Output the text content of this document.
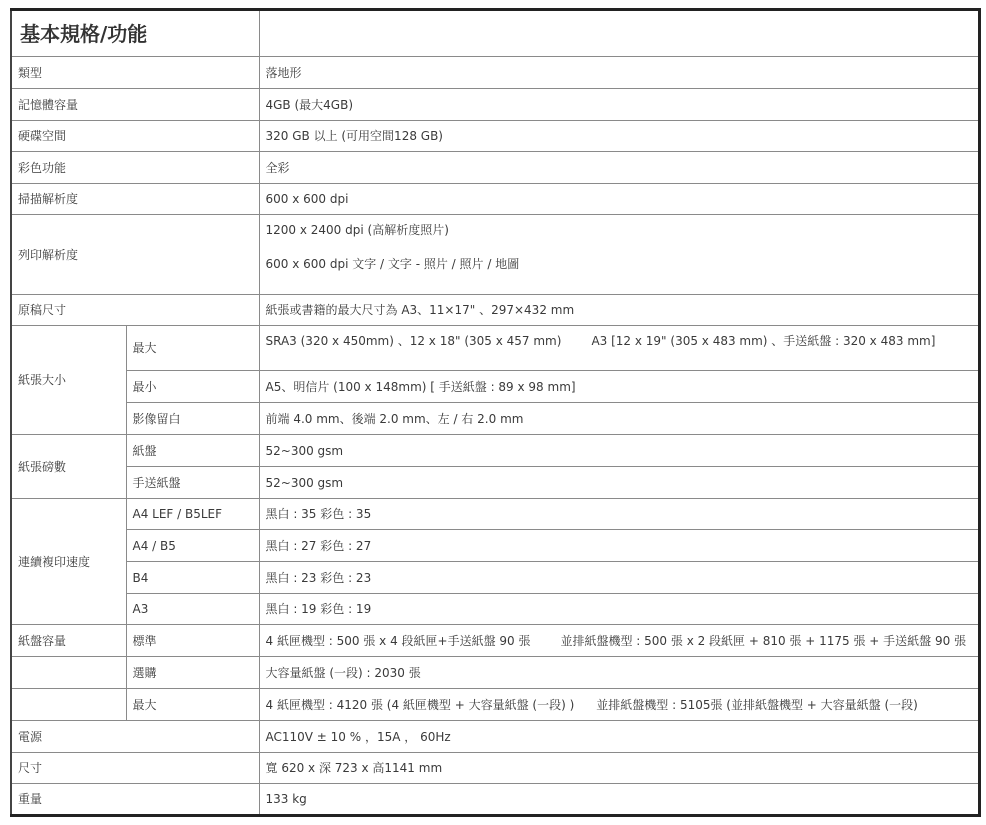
基本規格/功能		
類型		落地形
記憶體容量		4GB (最大4GB)
硬碟空間		320 GB 以上 (可用空間128 GB)
彩色功能		全彩
掃描解析度		600 x 600 dpi
列印解析度		1200 x 2400 dpi (高解析度照片)
600 x 600 dpi 文字 / 文字 - 照片 / 照片 / 地圖

原稿尺寸		紙張或書籍的最大尺寸為 A3、11×17" 、297×432 mm
紙張大小	最大	SRA3 (320 x 450mm) 、12 x 18" (305 x 457 mm) A3 [12 x 19" (305 x 483 mm) 、手送紙盤 : 320 x 483 mm]
	最小	A5、明信片 (100 x 148mm) [ 手送紙盤 : 89 x 98 mm]
	影像留白	前端 4.0 mm、後端 2.0 mm、左 / 右 2.0 mm
紙張磅數	紙盤	52~300 gsm
	手送紙盤	52~300 gsm
連續複印速度	A4 LEF / B5LEF	黑白 : 35 彩色 : 35
	A4 / B5	黑白 : 27 彩色 : 27
	B4	黑白 : 23 彩色 : 23
	A3	黑白 : 19 彩色 : 19
紙盤容量	標準	4 紙匣機型 : 500 張 x 4 段紙匣+手送紙盤 90 張 並排紙盤機型 : 500 張 x 2 段紙匣 + 810 張 + 1175 張 + 手送紙盤 90 張
	選購	大容量紙盤 (一段) : 2030 張
	最大	4 紙匣機型 : 4120 張 (4 紙匣機型 + 大容量紙盤 (一段) ) 並排紙盤機型 : 5105張 (並排紙盤機型 + 大容量紙盤 (一段)
電源		AC110V ± 10 % ，15A ， 60Hz
尺寸		寬 620 x 深 723 x 高1141 mm
重量		133 kg
